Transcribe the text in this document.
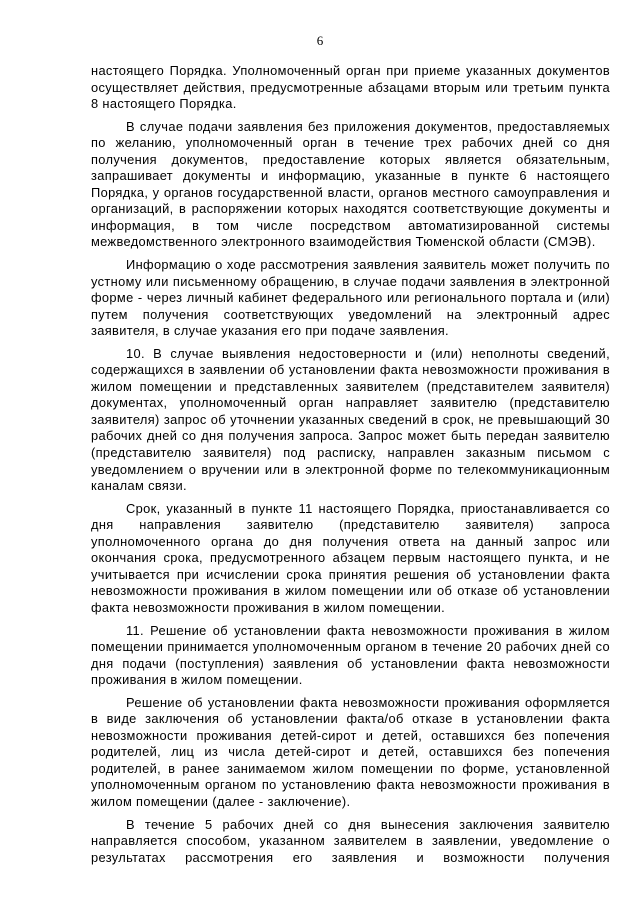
6

настоящего Порядка. Уполномоченный орган при приеме указанных документов осуществляет действия, предусмотренные абзацами вторым или третьим пункта 8 настоящего Порядка.

В случае подачи заявления без приложения документов, предоставляемых по желанию, уполномоченный орган в течение трех рабочих дней со дня получения документов, предоставление которых является обязательным, запрашивает документы и информацию, указанные в пункте 6 настоящего Порядка, у органов государственной власти, органов местного самоуправления и организаций, в распоряжении которых находятся соответствующие документы и информация, в том числе посредством автоматизированной системы межведомственного электронного взаимодействия Тюменской области (СМЭВ).

Информацию о ходе рассмотрения заявления заявитель может получить по устному или письменному обращению, в случае подачи заявления в электронной форме - через личный кабинет федерального или регионального портала и (или) путем получения соответствующих уведомлений на электронный адрес заявителя, в случае указания его при подаче заявления.

10. В случае выявления недостоверности и (или) неполноты сведений, содержащихся в заявлении об установлении факта невозможности проживания в жилом помещении и представленных заявителем (представителем заявителя) документах, уполномоченный орган направляет заявителю (представителю заявителя) запрос об уточнении указанных сведений в срок, не превышающий 30 рабочих дней со дня получения запроса. Запрос может быть передан заявителю (представителю заявителя) под расписку, направлен заказным письмом с уведомлением о вручении или в электронной форме по телекоммуникационным каналам связи.

Срок, указанный в пункте 11 настоящего Порядка, приостанавливается со дня направления заявителю (представителю заявителя) запроса уполномоченного органа до дня получения ответа на данный запрос или окончания срока, предусмотренного абзацем первым настоящего пункта, и не учитывается при исчислении срока принятия решения об установлении факта невозможности проживания в жилом помещении или об отказе об установлении факта невозможности проживания в жилом помещении.

11. Решение об установлении факта невозможности проживания в жилом помещении принимается уполномоченным органом в течение 20 рабочих дней со дня подачи (поступления) заявления об установлении факта невозможности проживания в жилом помещении.

Решение об установлении факта невозможности проживания оформляется в виде заключения об установлении факта/об отказе в установлении факта невозможности проживания детей-сирот и детей, оставшихся без попечения родителей, лиц из числа детей-сирот и детей, оставшихся без попечения родителей, в ранее занимаемом жилом помещении по форме, установленной уполномоченным органом по установлению факта невозможности проживания в жилом помещении (далее - заключение).

В течение 5 рабочих дней со дня вынесения заключения заявителю направляется способом, указанном заявителем в заявлении, уведомление о результатах рассмотрения его заявления и возможности получения
